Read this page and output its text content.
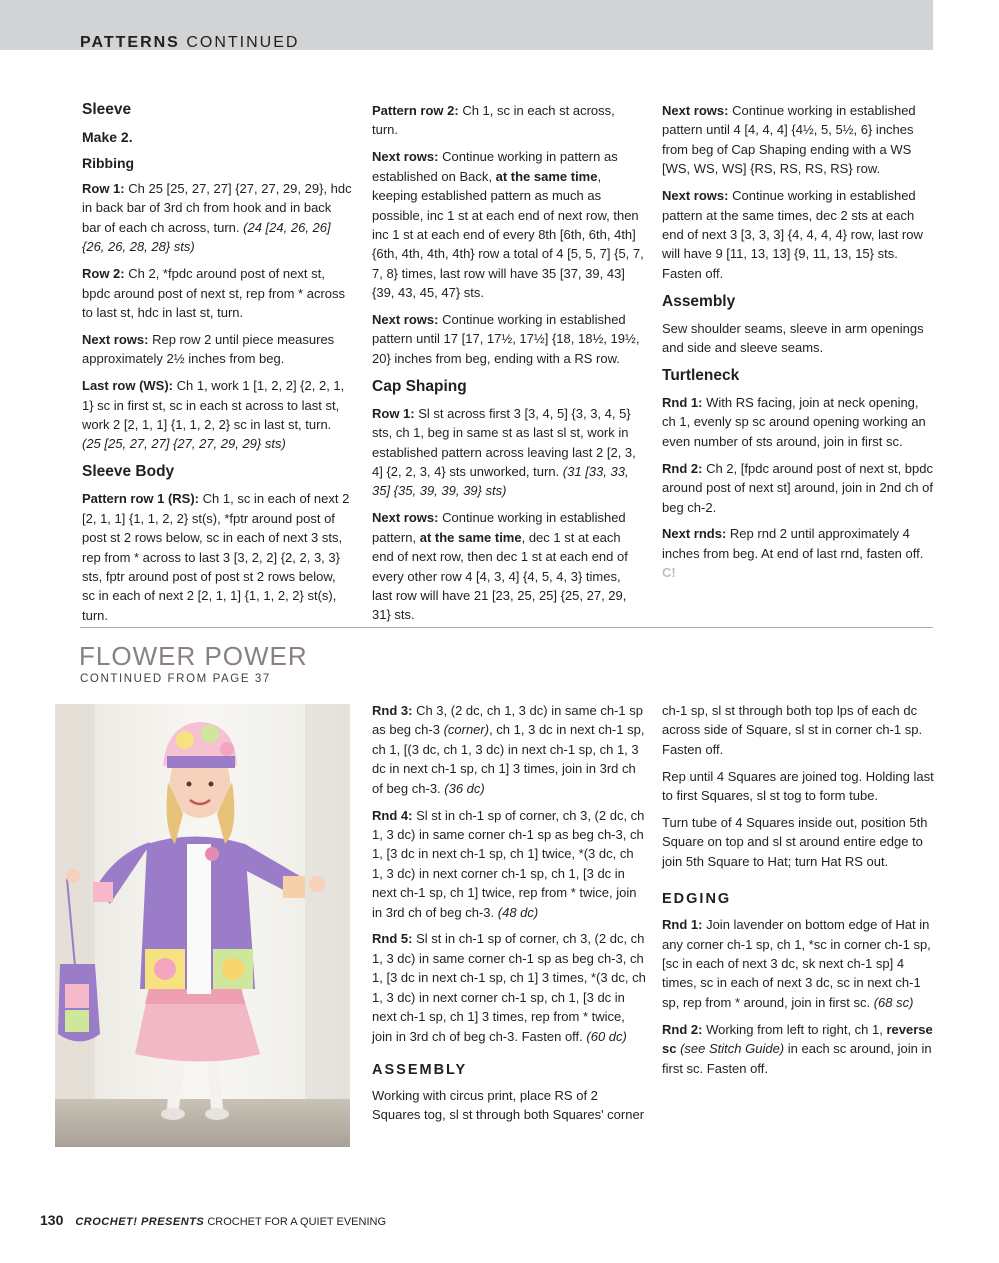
PATTERNS CONTINUED
Sleeve
Make 2.
Ribbing

Row 1: Ch 25 [25, 27, 27] {27, 27, 29, 29}, hdc in back bar of 3rd ch from hook and in back bar of each ch across, turn. (24 [24, 26, 26] {26, 26, 28, 28} sts)

Row 2: Ch 2, *fpdc around post of next st, bpdc around post of next st, rep from * across to last st, hdc in last st, turn.

Next rows: Rep row 2 until piece measures approximately 2½ inches from beg.

Last row (WS): Ch 1, work 1 [1, 2, 2] {2, 2, 1, 1} sc in first st, sc in each st across to last st, work 2 [2, 1, 1] {1, 1, 2, 2} sc in last st, turn. (25 [25, 27, 27] {27, 27, 29, 29} sts)

Sleeve Body

Pattern row 1 (RS): Ch 1, sc in each of next 2 [2, 1, 1] {1, 1, 2, 2} st(s), *fptr around post of post st 2 rows below, sc in each of next 3 sts, rep from * across to last 3 [3, 2, 2] {2, 2, 3, 3} sts, fptr around post of post st 2 rows below, sc in each of next 2 [2, 1, 1] {1, 1, 2, 2} st(s), turn.

Pattern row 2: Ch 1, sc in each st across, turn.

Next rows: Continue working in pattern as established on Back, at the same time, keeping established pattern as much as possible, inc 1 st at each end of next row, then inc 1 st at each end of every 8th [6th, 6th, 4th] {6th, 4th, 4th, 4th} row a total of 4 [5, 5, 7] {5, 7, 7, 8} times, last row will have 35 [37, 39, 43] {39, 43, 45, 47} sts.

Next rows: Continue working in established pattern until 17 [17, 17½, 17½] {18, 18½, 19½, 20} inches from beg, ending with a RS row.

Cap Shaping

Row 1: Sl st across first 3 [3, 4, 5] {3, 3, 4, 5} sts, ch 1, beg in same st as last sl st, work in established pattern across leaving last 2 [2, 3, 4] {2, 2, 3, 4} sts unworked, turn. (31 [33, 33, 35] {35, 39, 39, 39} sts)

Next rows: Continue working in established pattern, at the same time, dec 1 st at each end of next row, then dec 1 st at each end of every other row 4 [4, 3, 4] {4, 5, 4, 3} times, last row will have 21 [23, 25, 25] {25, 27, 29, 31} sts.

Next rows: Continue working in established pattern until 4 [4, 4, 4] {4½, 5, 5½, 6} inches from beg of Cap Shaping ending with a WS [WS, WS, WS] {RS, RS, RS, RS} row.

Next rows: Continue working in established pattern at the same times, dec 2 sts at each end of next 3 [3, 3, 3] {4, 4, 4, 4} row, last row will have 9 [11, 13, 13] {9, 11, 13, 15} sts. Fasten off.

Assembly

Sew shoulder seams, sleeve in arm openings and side and sleeve seams.

Turtleneck

Rnd 1: With RS facing, join at neck opening, ch 1, evenly sp sc around opening working an even number of sts around, join in first sc.

Rnd 2: Ch 2, [fpdc around post of next st, bpdc around post of next st] around, join in 2nd ch of beg ch-2.

Next rnds: Rep rnd 2 until approximately 4 inches from beg. At end of last rnd, fasten off. C!

FLOWER POWER
CONTINUED FROM PAGE 37

Rnd 3: Ch 3, (2 dc, ch 1, 3 dc) in same ch-1 sp as beg ch-3 (corner), ch 1, 3 dc in next ch-1 sp, ch 1, [(3 dc, ch 1, 3 dc) in next ch-1 sp, ch 1, 3 dc in next ch-1 sp, ch 1] 3 times, join in 3rd ch of beg ch-3. (36 dc)

Rnd 4: Sl st in ch-1 sp of corner, ch 3, (2 dc, ch 1, 3 dc) in same corner ch-1 sp as beg ch-3, ch 1, [3 dc in next ch-1 sp, ch 1] twice, *(3 dc, ch 1, 3 dc) in next corner ch-1 sp, ch 1, [3 dc in next ch-1 sp, ch 1] twice, rep from * twice, join in 3rd ch of beg ch-3. (48 dc)

Rnd 5: Sl st in ch-1 sp of corner, ch 3, (2 dc, ch 1, 3 dc) in same corner ch-1 sp as beg ch-3, ch 1, [3 dc in next ch-1 sp, ch 1] 3 times, *(3 dc, ch 1, 3 dc) in next corner ch-1 sp, ch 1, [3 dc in next ch-1 sp, ch 1] 3 times, rep from * twice, join in 3rd ch of beg ch-3. Fasten off. (60 dc)

ASSEMBLY

Working with circus print, place RS of 2 Squares tog, sl st through both Squares' corner

ch-1 sp, sl st through both top lps of each dc across side of Square, sl st in corner ch-1 sp. Fasten off.

Rep until 4 Squares are joined tog. Holding last to first Squares, sl st tog to form tube.

Turn tube of 4 Squares inside out, position 5th Square on top and sl st around entire edge to join 5th Square to Hat; turn Hat RS out.

EDGING

Rnd 1: Join lavender on bottom edge of Hat in any corner ch-1 sp, ch 1, *sc in corner ch-1 sp, [sc in each of next 3 dc, sk next ch-1 sp] 4 times, sc in each of next 3 dc, sc in next ch-1 sp, rep from * around, join in first sc. (68 sc)

Rnd 2: Working from left to right, ch 1, reverse sc (see Stitch Guide) in each sc around, join in first sc. Fasten off.

130 CROCHET! PRESENTS CROCHET FOR A QUIET EVENING
